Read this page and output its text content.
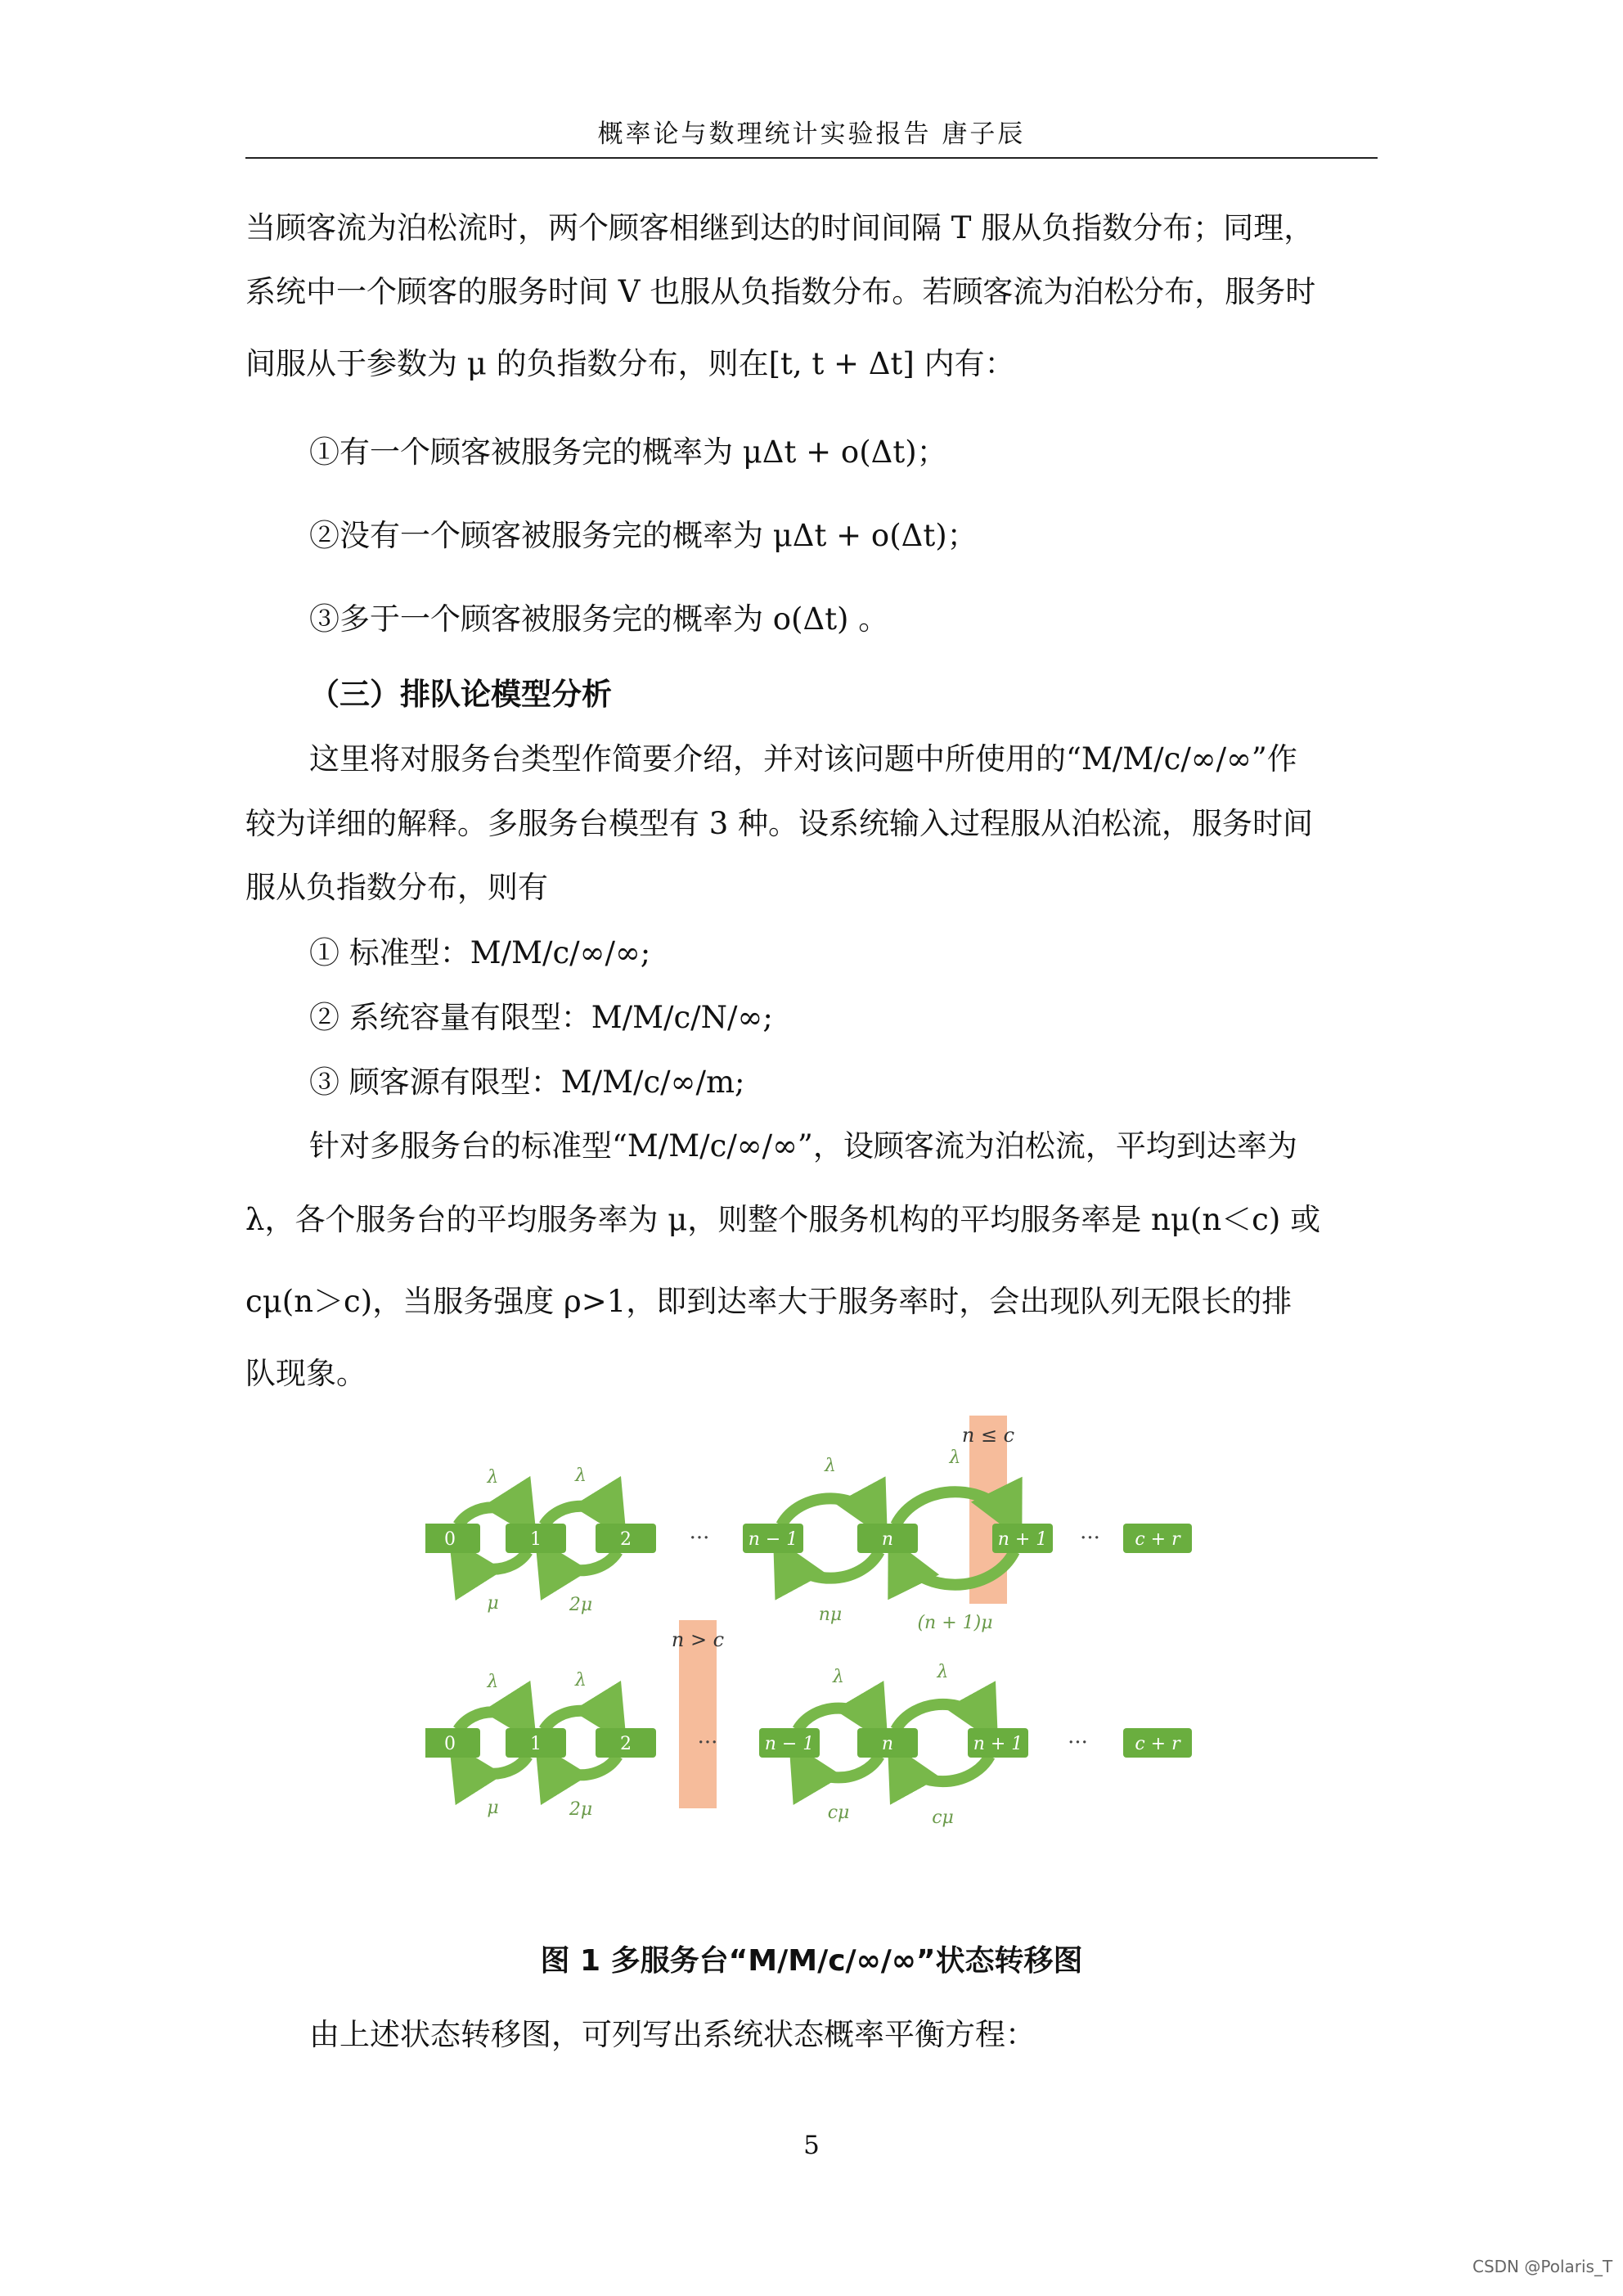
概率论与数理统计实验报告 唐子辰
当顾客流为泊松流时，两个顾客相继到达的时间间隔 T 服从负指数分布；同理，
系统中一个顾客的服务时间 V 也服从负指数分布。若顾客流为泊松分布，服务时
间服从于参数为 μ 的负指数分布，则在[t, t + Δt] 内有：
①有一个顾客被服务完的概率为 μΔt + o(Δt)；
②没有一个顾客被服务完的概率为 μΔt + o(Δt)；
③多于一个顾客被服务完的概率为 o(Δt) 。
（三）排队论模型分析
这里将对服务台类型作简要介绍，并对该问题中所使用的“M/M/c/∞/∞”作
较为详细的解释。多服务台模型有 3 种。设系统输入过程服从泊松流，服务时间
服从负指数分布，则有
① 标准型：M/M/c/∞/∞;
② 系统容量有限型：M/M/c/N/∞;
③ 顾客源有限型：M/M/c/∞/m;
针对多服务台的标准型“M/M/c/∞/∞”，设顾客流为泊松流，平均到达率为
λ，各个服务台的平均服务率为 μ，则整个服务机构的平均服务率是 nμ(n＜c) 或
cμ(n＞c)，当服务强度 ρ>1，即到达率大于服务率时，会出现队列无限长的排
队现象。
n ≤ c
λ
μ
λ
2μ
λ
nμ
λ
(n + 1)μ
···	···
0	1	2	n − 1	n	n + 1	c + r
n > c
λ
μ
λ
2μ
λ
cμ
λ
cμ
···	···
0	1	2	n − 1	n	n + 1	c + r
图 1 多服务台“M/M/c/∞/∞”状态转移图
由上述状态转移图，可列写出系统状态概率平衡方程：
5
CSDN @Polaris_T
